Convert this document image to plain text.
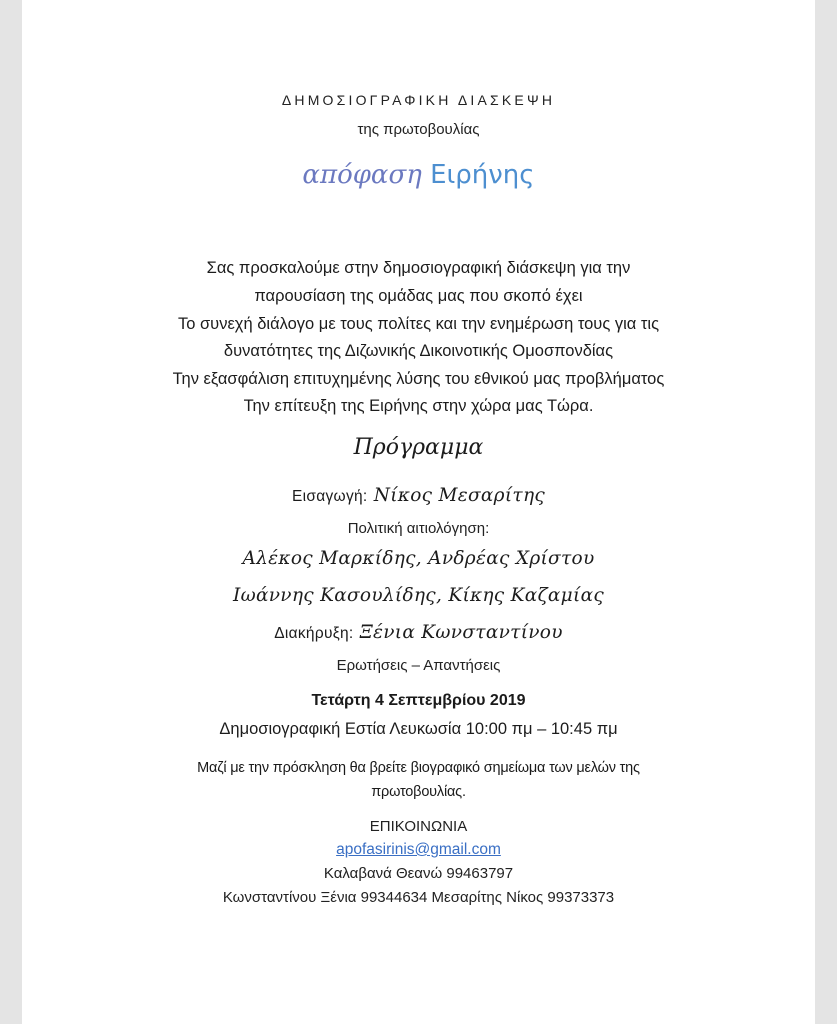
ΔΗΜΟΣΙΟΓΡΑΦΙΚΗ ΔΙΑΣΚΕΨΗ
της πρωτοβουλίας
απόφαση Ειρήνης
Σας προσκαλούμε στην δημοσιογραφική διάσκεψη για την
παρουσίαση της ομάδας μας που σκοπό έχει
Το συνεχή διάλογο με τους πολίτες και την ενημέρωση τους για τις
δυνατότητες της Διζωνικής Δικοινοτικής Ομοσπονδίας
Την εξασφάλιση επιτυχημένης λύσης του εθνικού μας προβλήματος
Την επίτευξη της Ειρήνης στην χώρα μας Τώρα.
Πρόγραμμα
Εισαγωγή: Νίκος Μεσαρίτης
Πολιτική αιτιολόγηση:
Αλέκος Μαρκίδης, Ανδρέας Χρίστου
Ιωάννης Κασουλίδης, Κίκης Καζαμίας
Διακήρυξη: Ξένια Κωνσταντίνου
Ερωτήσεις – Απαντήσεις
Τετάρτη 4 Σεπτεμβρίου 2019
Δημοσιογραφική Εστία Λευκωσία 10:00 πμ – 10:45 πμ
Μαζί με την πρόσκληση θα βρείτε βιογραφικό σημείωμα των μελών της
πρωτοβουλίας.
ΕΠΙΚΟΙΝΩΝΙΑ
apofasirinis@gmail.com
Καλαβανά Θεανώ 99463797
Κωνσταντίνου Ξένια 99344634 Μεσαρίτης Νίκος 99373373
